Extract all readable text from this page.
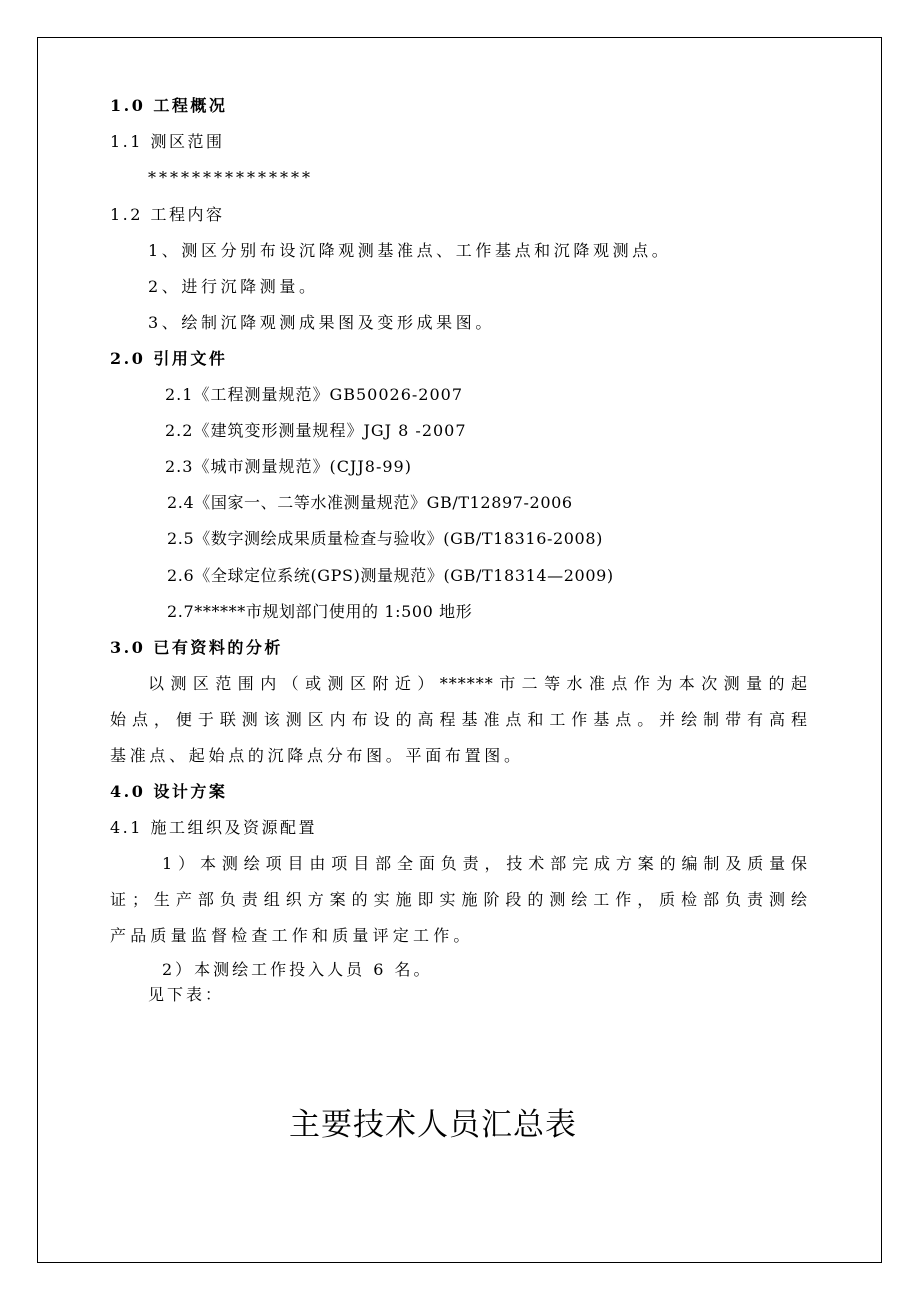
1.0 工程概况
1.1 测区范围
***************
1.2 工程内容
1、测区分别布设沉降观测基准点、工作基点和沉降观测点。
2、进行沉降测量。
3、绘制沉降观测成果图及变形成果图。
2.0 引用文件
2.1《工程测量规范》GB50026-2007
2.2《建筑变形测量规程》JGJ 8 -2007
2.3《城市测量规范》(CJJ8-99)
2.4《国家一、二等水准测量规范》GB/T12897-2006
2.5《数字测绘成果质量检查与验收》(GB/T18316-2008)
2.6《全球定位系统(GPS)测量规范》(GB/T18314—2009)
2.7******市规划部门使用的 1:500 地形
3.0 已有资料的分析
以测区范围内（或测区附近）******市二等水准点作为本次测量的起
始点，便于联测该测区内布设的高程基准点和工作基点。并绘制带有高程
基准点、起始点的沉降点分布图。平面布置图。
4.0 设计方案
4.1 施工组织及资源配置
1）本测绘项目由项目部全面负责，技术部完成方案的编制及质量保
证；生产部负责组织方案的实施即实施阶段的测绘工作，质检部负责测绘
产品质量监督检查工作和质量评定工作。
2）本测绘工作投入人员 6 名。
见下表：
主要技术人员汇总表
